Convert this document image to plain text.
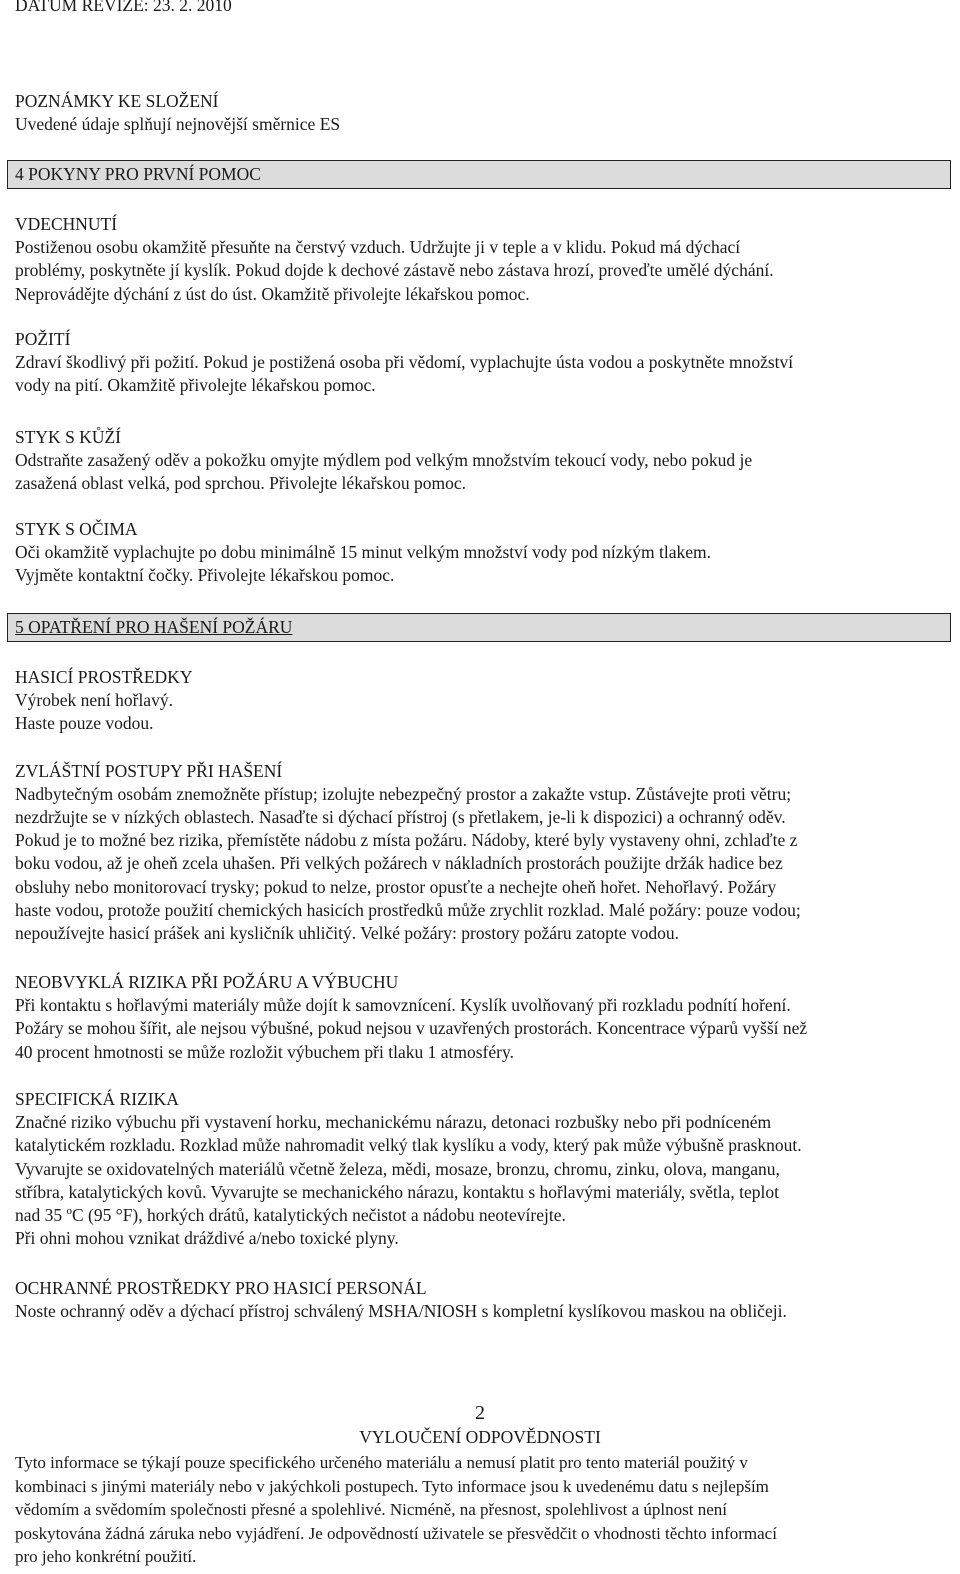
DATUM REVIZE: 23. 2. 2010
POZNÁMKY KE SLOŽENÍ
Uvedené údaje splňují nejnovější směrnice ES
4 POKYNY PRO PRVNÍ POMOC
VDECHNUTÍ
Postiženou osobu okamžitě přesuňte na čerstvý vzduch. Udržujte ji v teple a v klidu. Pokud má dýchací
problémy, poskytněte jí kyslík. Pokud dojde k dechové zástavě nebo zástava hrozí, proveďte umělé dýchání.
Neprovádějte dýchání z úst do úst. Okamžitě přivolejte lékařskou pomoc.
POŽITÍ
Zdraví škodlivý při požití. Pokud je postižená osoba při vědomí, vyplachujte ústa vodou a poskytněte množství
vody na pití. Okamžitě přivolejte lékařskou pomoc.
STYK S KŮŽÍ
Odstraňte zasažený oděv a pokožku omyjte mýdlem pod velkým množstvím tekoucí vody, nebo pokud je
zasažená oblast velká, pod sprchou. Přivolejte lékařskou pomoc.
STYK S OČIMA
Oči okamžitě vyplachujte po dobu minimálně 15 minut velkým množství vody pod nízkým tlakem.
Vyjměte kontaktní čočky. Přivolejte lékařskou pomoc.
5 OPATŘENÍ PRO HAŠENÍ POŽÁRU
HASICÍ PROSTŘEDKY
Výrobek není hořlavý.
Haste pouze vodou.
ZVLÁŠTNÍ POSTUPY PŘI HAŠENÍ
Nadbytečným osobám znemožněte přístup; izolujte nebezpečný prostor a zakažte vstup. Zůstávejte proti větru;
nezdržujte se v nízkých oblastech. Nasaďte si dýchací přístroj (s přetlakem, je-li k dispozici) a ochranný oděv.
Pokud je to možné bez rizika, přemístěte nádobu z místa požáru. Nádoby, které byly vystaveny ohni, zchlaďte z
boku vodou, až je oheň zcela uhašen. Při velkých požárech v nákladních prostorách použijte držák hadice bez
obsluhy nebo monitorovací trysky; pokud to nelze, prostor opusťte a nechejte oheň hořet. Nehořlavý. Požáry
haste vodou, protože použití chemických hasicích prostředků může zrychlit rozklad. Malé požáry: pouze vodou;
nepoužívejte hasicí prášek ani kysličník uhličitý. Velké požáry: prostory požáru zatopte vodou.
NEOBVYKLÁ RIZIKA PŘI POŽÁRU A VÝBUCHU
Při kontaktu s hořlavými materiály může dojít k samovznícení. Kyslík uvolňovaný při rozkladu podnítí hoření.
Požáry se mohou šířit, ale nejsou výbušné, pokud nejsou v uzavřených prostorách. Koncentrace výparů vyšší než
40 procent hmotnosti se může rozložit výbuchem při tlaku 1 atmosféry.
SPECIFICKÁ RIZIKA
Značné riziko výbuchu při vystavení horku, mechanickému nárazu, detonaci rozbušky nebo při podníceném
katalytickém rozkladu. Rozklad může nahromadit velký tlak kyslíku a vody, který pak může výbušně prasknout.
Vyvarujte se oxidovatelných materiálů včetně železa, mědi, mosaze, bronzu, chromu, zinku, olova, manganu,
stříbra, katalytických kovů. Vyvarujte se mechanického nárazu, kontaktu s hořlavými materiály, světla, teplot
nad 35 ºC (95 °F), horkých drátů, katalytických nečistot a nádobu neotevírejte.
Při ohni mohou vznikat dráždivé a/nebo toxické plyny.
OCHRANNÉ PROSTŘEDKY PRO HASICÍ PERSONÁL
Noste ochranný oděv a dýchací přístroj schválený MSHA/NIOSH s kompletní kyslíkovou maskou na obličeji.
2
VYLOUČENÍ ODPOVĚDNOSTI
Tyto informace se týkají pouze specifického určeného materiálu a nemusí platit pro tento materiál použitý v
kombinaci s jinými materiály nebo v jakýchkoli postupech. Tyto informace jsou k uvedenému datu s nejlepším
vědomím a svědomím společnosti přesné a spolehlivé. Nicméně, na přesnost, spolehlivost a úplnost není
poskytována žádná záruka nebo vyjádření. Je odpovědností uživatele se přesvědčit o vhodnosti těchto informací
pro jeho konkrétní použití.
